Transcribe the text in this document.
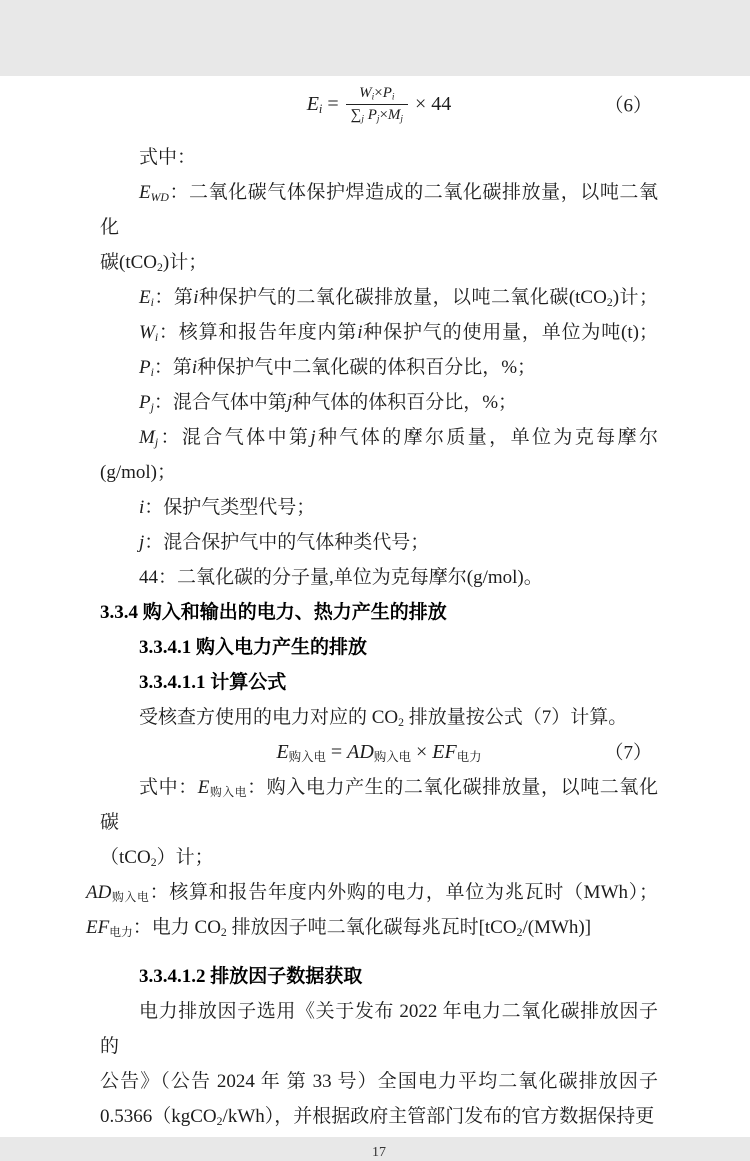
$E_i = \frac{W_i\times P_i}{\sum_j P_j\times M_j} \times 44$	（6）
式中：
$E_{WD}$：二氧化碳气体保护焊造成的二氧化碳排放量，以吨二氧化
碳(tCO$_2$)计；
$E_i$：第i种保护气的二氧化碳排放量，以吨二氧化碳(tCO$_2$)计；
$W_i$：核算和报告年度内第i种保护气的使用量，单位为吨(t)；
$P_i$：第i种保护气中二氧化碳的体积百分比，%；
$P_j$：混合气体中第j种气体的体积百分比，%；
$M_j$：混合气体中第j种气体的摩尔质量，单位为克每摩尔(g/mol)；
i：保护气类型代号；
j：混合保护气中的气体种类代号；
44：二氧化碳的分子量,单位为克每摩尔(g/mol)。
3.3.4 购入和输出的电力、热力产生的排放
3.3.4.1 购入电力产生的排放
3.3.4.1.1 计算公式
受核查方使用的电力对应的 $CO_2$ 排放量按公式（7）计算。
$E_{购入电} = AD_{购入电} \times EF_{电力}$	（7）
式中：$E_{购入电}$：购入电力产生的二氧化碳排放量，以吨二氧化碳
（tCO$_2$）计；
$AD_{购入电}$：核算和报告年度内外购的电力，单位为兆瓦时（MWh）；
$EF_{电力}$：电力 $CO_2$ 排放因子吨二氧化碳每兆瓦时[tCO$_2$/(MWh)]
3.3.4.1.2 排放因子数据获取
电力排放因子选用《关于发布 2022 年电力二氧化碳排放因子的
公告》（公告 2024 年 第 33 号）全国电力平均二氧化碳排放因子
0.5366（kgCO$_2$/kWh），并根据政府主管部门发布的官方数据保持更
17
